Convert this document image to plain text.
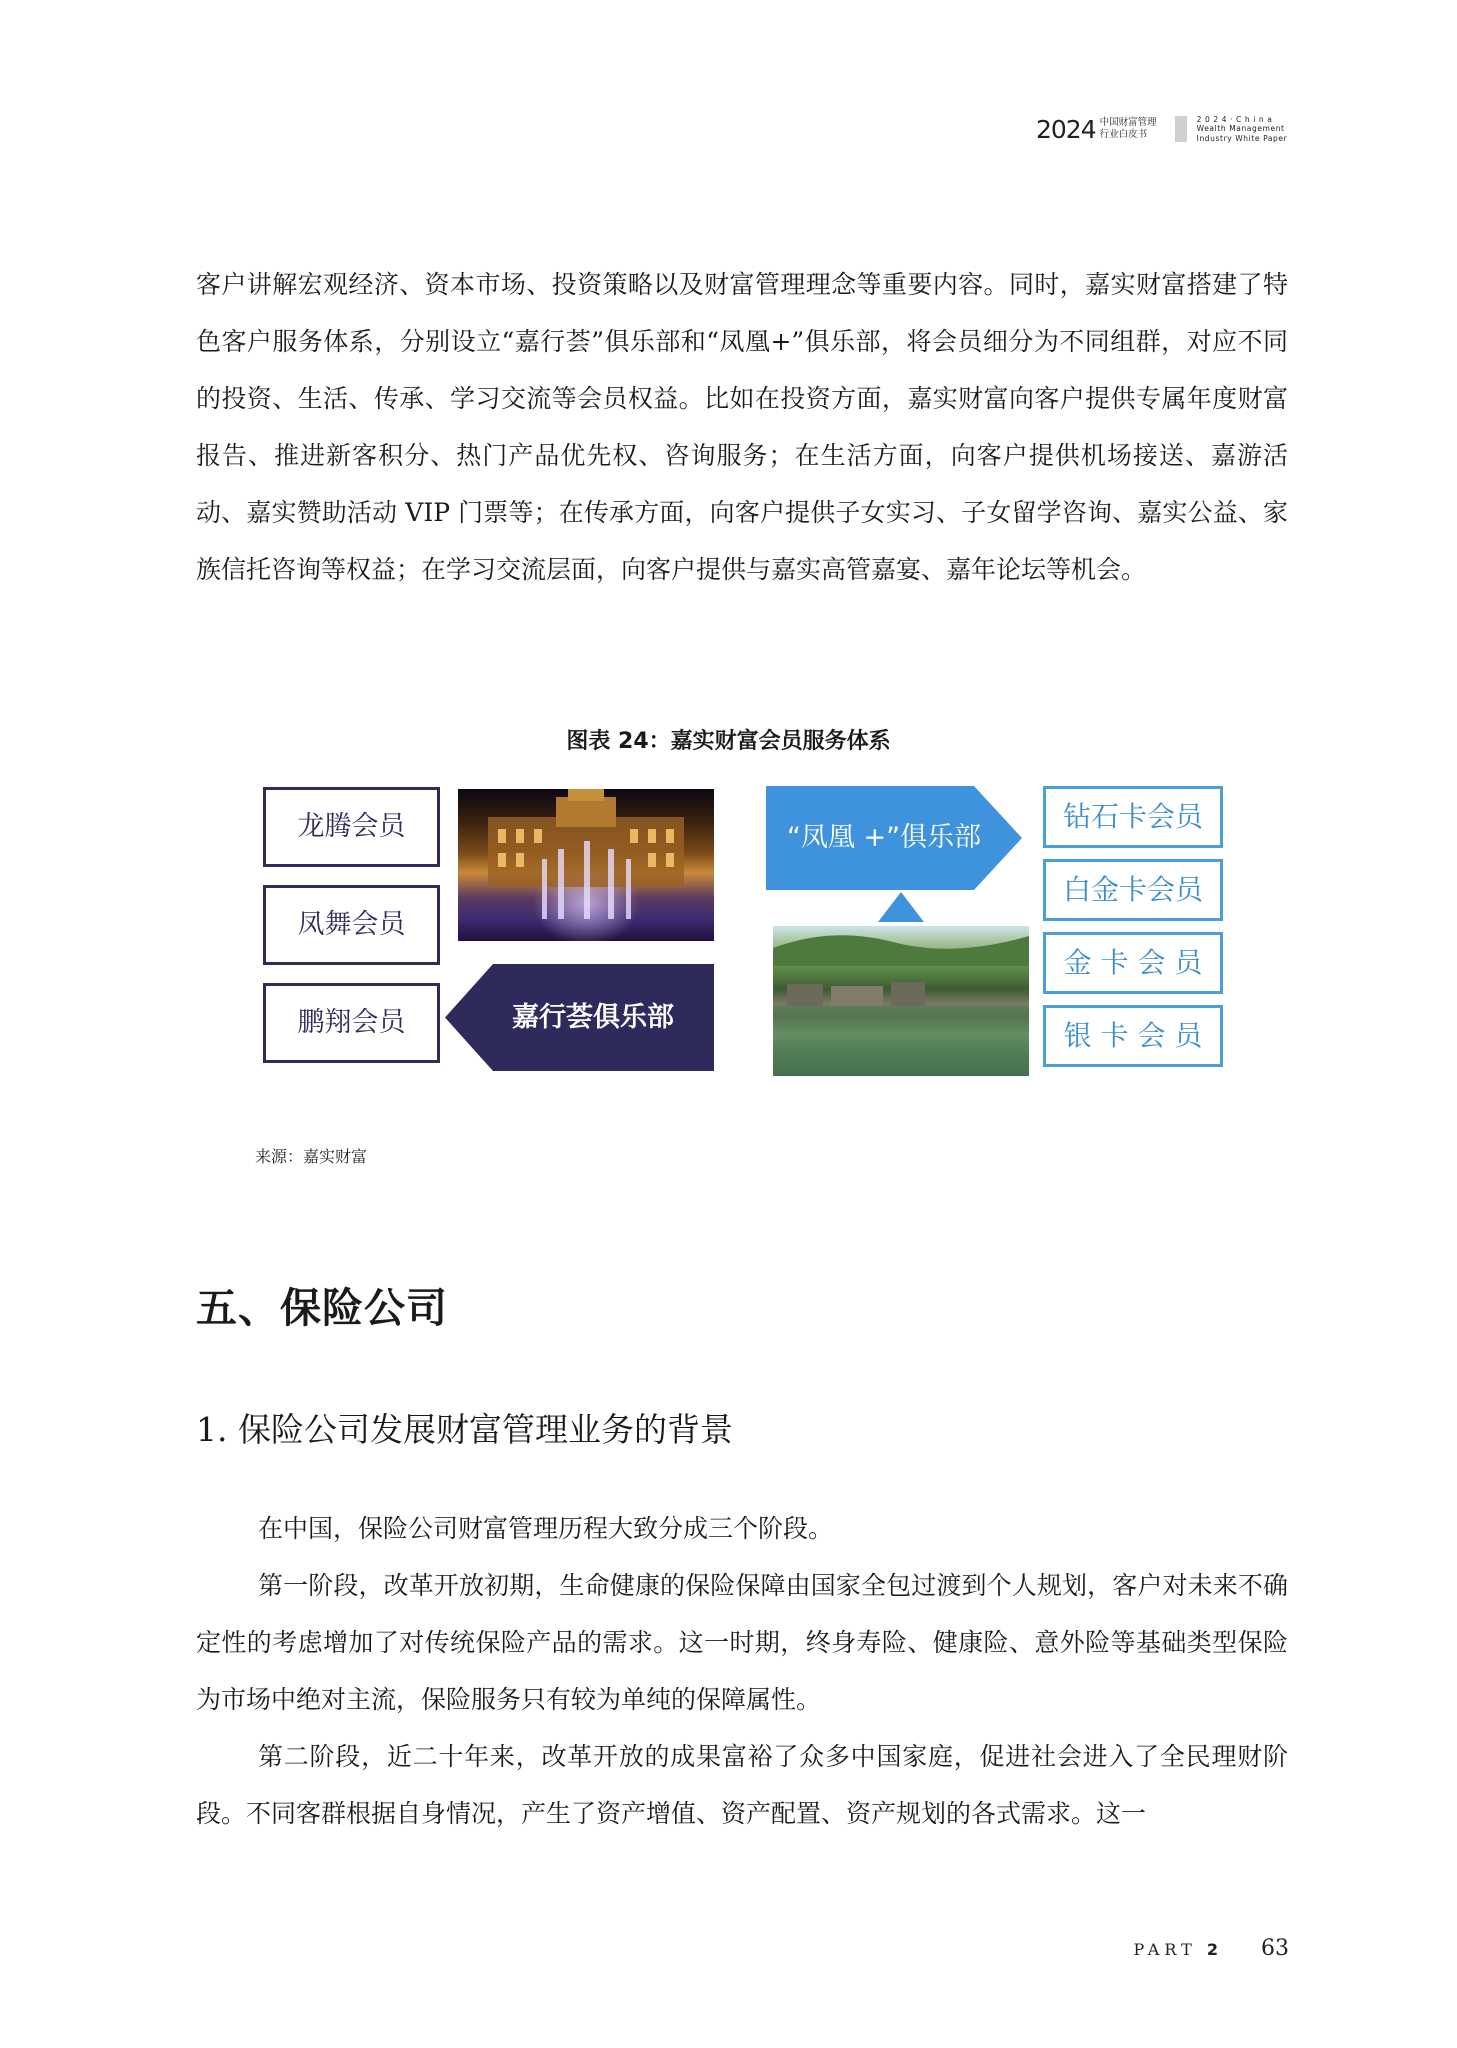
2024 中国财富管理
行业白皮书
2 0 2 4 · C h i n a
Wealth Management
Industry White Paper

客户讲解宏观经济、资本市场、投资策略以及财富管理理念等重要内容。同时，嘉实财富搭建了特色客户服务体系，分别设立“嘉行荟”俱乐部和“凤凰+”俱乐部，将会员细分为不同组群，对应不同的投资、生活、传承、学习交流等会员权益。比如在投资方面，嘉实财富向客户提供专属年度财富报告、推进新客积分、热门产品优先权、咨询服务；在生活方面，向客户提供机场接送、嘉游活动、嘉实赞助活动 VIP 门票等；在传承方面，向客户提供子女实习、子女留学咨询、嘉实公益、家族信托咨询等权益；在学习交流层面，向客户提供与嘉实高管嘉宴、嘉年论坛等机会。

图表 24：嘉实财富会员服务体系
龙腾会员
凤舞会员
鹏翔会员	嘉行荟俱乐部
“凤凰 +”俱乐部
钻石卡会员
白金卡会员
金 卡 会 员
银 卡 会 员
来源：嘉实财富
五、保险公司
1. 保险公司发展财富管理业务的背景

在中国，保险公司财富管理历程大致分成三个阶段。

第一阶段，改革开放初期，生命健康的保险保障由国家全包过渡到个人规划，客户对未来不确定性的考虑增加了对传统保险产品的需求。这一时期，终身寿险、健康险、意外险等基础类型保险为市场中绝对主流，保险服务只有较为单纯的保障属性。

第二阶段，近二十年来，改革开放的成果富裕了众多中国家庭，促进社会进入了全民理财阶段。不同客群根据自身情况，产生了资产增值、资产配置、资产规划的各式需求。这一

PART 2 63
